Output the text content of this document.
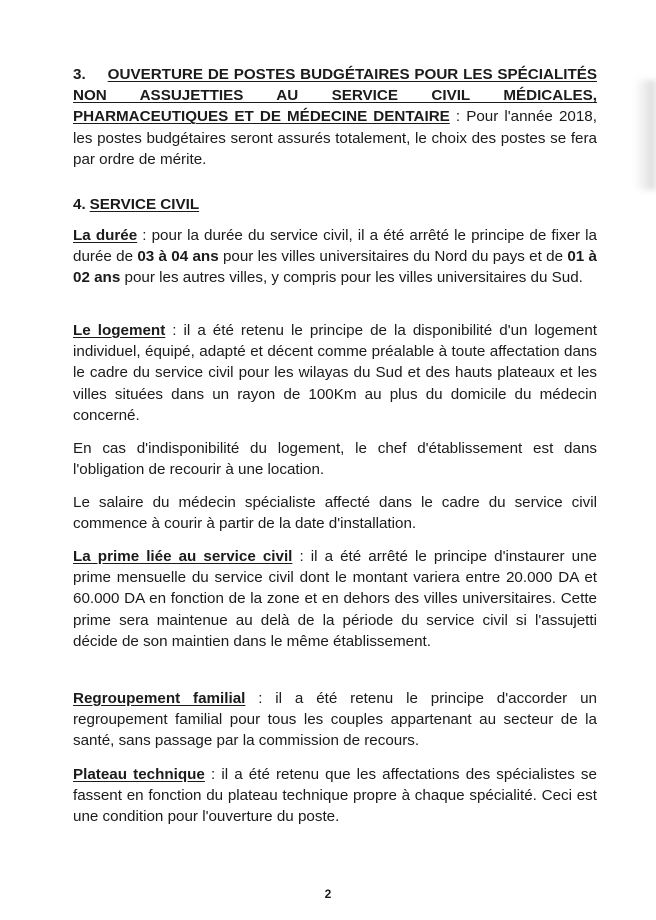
3. OUVERTURE DE POSTES BUDGÉTAIRES POUR LES SPÉCIALITÉS NON ASSUJETTIES AU SERVICE CIVIL MÉDICALES, PHARMACEUTIQUES ET DE MÉDECINE DENTAIRE : Pour l'année 2018, les postes budgétaires seront assurés totalement, le choix des postes se fera par ordre de mérite.
4. SERVICE CIVIL
La durée : pour la durée du service civil, il a été arrêté le principe de fixer la durée de 03 à 04 ans pour les villes universitaires du Nord du pays et de 01 à 02 ans pour les autres villes, y compris pour les villes universitaires du Sud.
Le logement : il a été retenu le principe de la disponibilité d'un logement individuel, équipé, adapté et décent comme préalable à toute affectation dans le cadre du service civil pour les wilayas du Sud et des hauts plateaux et les villes situées dans un rayon de 100Km au plus du domicile du médecin concerné.
En cas d'indisponibilité du logement, le chef d'établissement est dans l'obligation de recourir à une location.
Le salaire du médecin spécialiste affecté dans le cadre du service civil commence à courir à partir de la date d'installation.
La prime liée au service civil : il a été arrêté le principe d'instaurer une prime mensuelle du service civil dont le montant variera entre 20.000 DA et 60.000 DA en fonction de la zone et en dehors des villes universitaires. Cette prime sera maintenue au delà de la période du service civil si l'assujetti décide de son maintien dans le même établissement.
Regroupement familial : il a été retenu le principe d'accorder un regroupement familial pour tous les couples appartenant au secteur de la santé, sans passage par la commission de recours.
Plateau technique : il a été retenu que les affectations des spécialistes se fassent en fonction du plateau technique propre à chaque spécialité. Ceci est une condition pour l'ouverture du poste.
2
